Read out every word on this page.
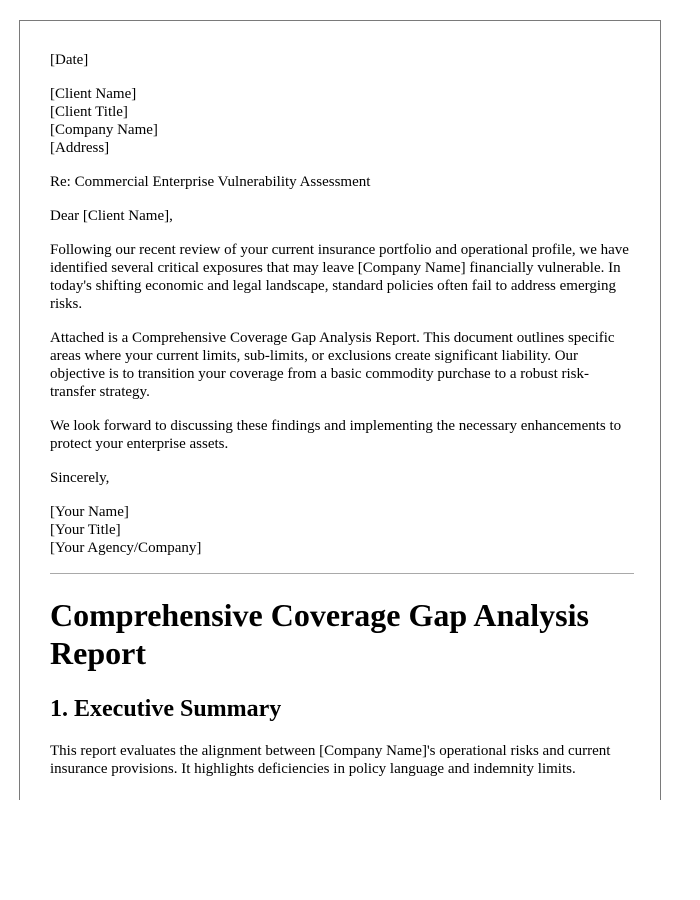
[Date]

[Client Name]
[Client Title]
[Company Name]
[Address]

Re: Commercial Enterprise Vulnerability Assessment

Dear [Client Name],

Following our recent review of your current insurance portfolio and operational profile, we have identified several critical exposures that may leave [Company Name] financially vulnerable. In today's shifting economic and legal landscape, standard policies often fail to address emerging risks.

Attached is a Comprehensive Coverage Gap Analysis Report. This document outlines specific areas where your current limits, sub-limits, or exclusions create significant liability. Our objective is to transition your coverage from a basic commodity purchase to a robust risk-transfer strategy.

We look forward to discussing these findings and implementing the necessary enhancements to protect your enterprise assets.

Sincerely,

[Your Name]
[Your Title]
[Your Agency/Company]
Comprehensive Coverage Gap Analysis Report
1. Executive Summary

This report evaluates the alignment between [Company Name]'s operational risks and current insurance provisions. It highlights deficiencies in policy language and indemnity limits.
